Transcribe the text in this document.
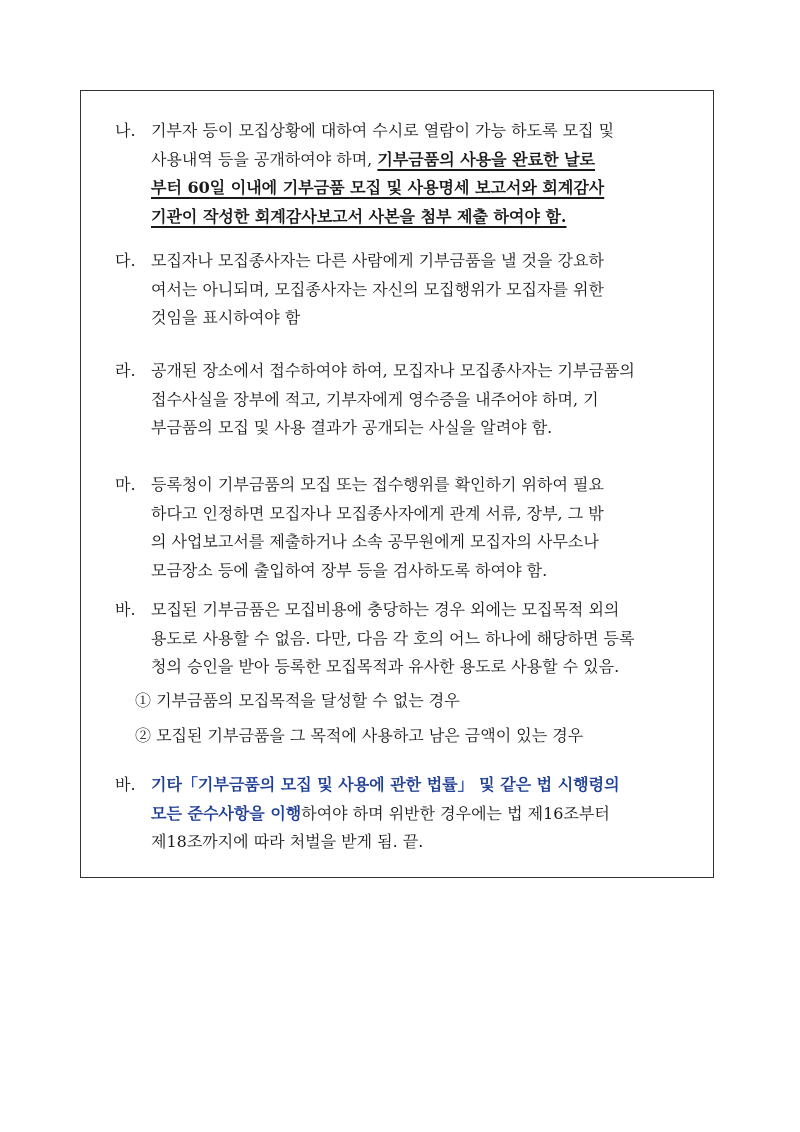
나. 기부자 등이 모집상황에 대하여 수시로 열람이 가능 하도록 모집 및
사용내역 등을 공개하여야 하며, 기부금품의 사용을 완료한 날로
부터 60일 이내에 기부금품 모집 및 사용명세 보고서와 회계감사
기관이 작성한 회계감사보고서 사본을 첨부 제출 하여야 함.
다. 모집자나 모집종사자는 다른 사람에게 기부금품을 낼 것을 강요하
여서는 아니되며, 모집종사자는 자신의 모집행위가 모집자를 위한
것임을 표시하여야 함
라. 공개된 장소에서 접수하여야 하여, 모집자나 모집종사자는 기부금품의
접수사실을 장부에 적고, 기부자에게 영수증을 내주어야 하며, 기
부금품의 모집 및 사용 결과가 공개되는 사실을 알려야 함.
마. 등록청이 기부금품의 모집 또는 접수행위를 확인하기 위하여 필요
하다고 인정하면 모집자나 모집종사자에게 관계 서류, 장부, 그 밖
의 사업보고서를 제출하거나 소속 공무원에게 모집자의 사무소나
모금장소 등에 출입하여 장부 등을 검사하도록 하여야 함.
바. 모집된 기부금품은 모집비용에 충당하는 경우 외에는 모집목적 외의
용도로 사용할 수 없음. 다만, 다음 각 호의 어느 하나에 해당하면 등록
청의 승인을 받아 등록한 모집목적과 유사한 용도로 사용할 수 있음.
① 기부금품의 모집목적을 달성할 수 없는 경우
② 모집된 기부금품을 그 목적에 사용하고 남은 금액이 있는 경우
바. 기타「기부금품의 모집 및 사용에 관한 법률」 및 같은 법 시행령의
모든 준수사항을 이행하여야 하며 위반한 경우에는 법 제16조부터
제18조까지에 따라 처벌을 받게 됨. 끝.
